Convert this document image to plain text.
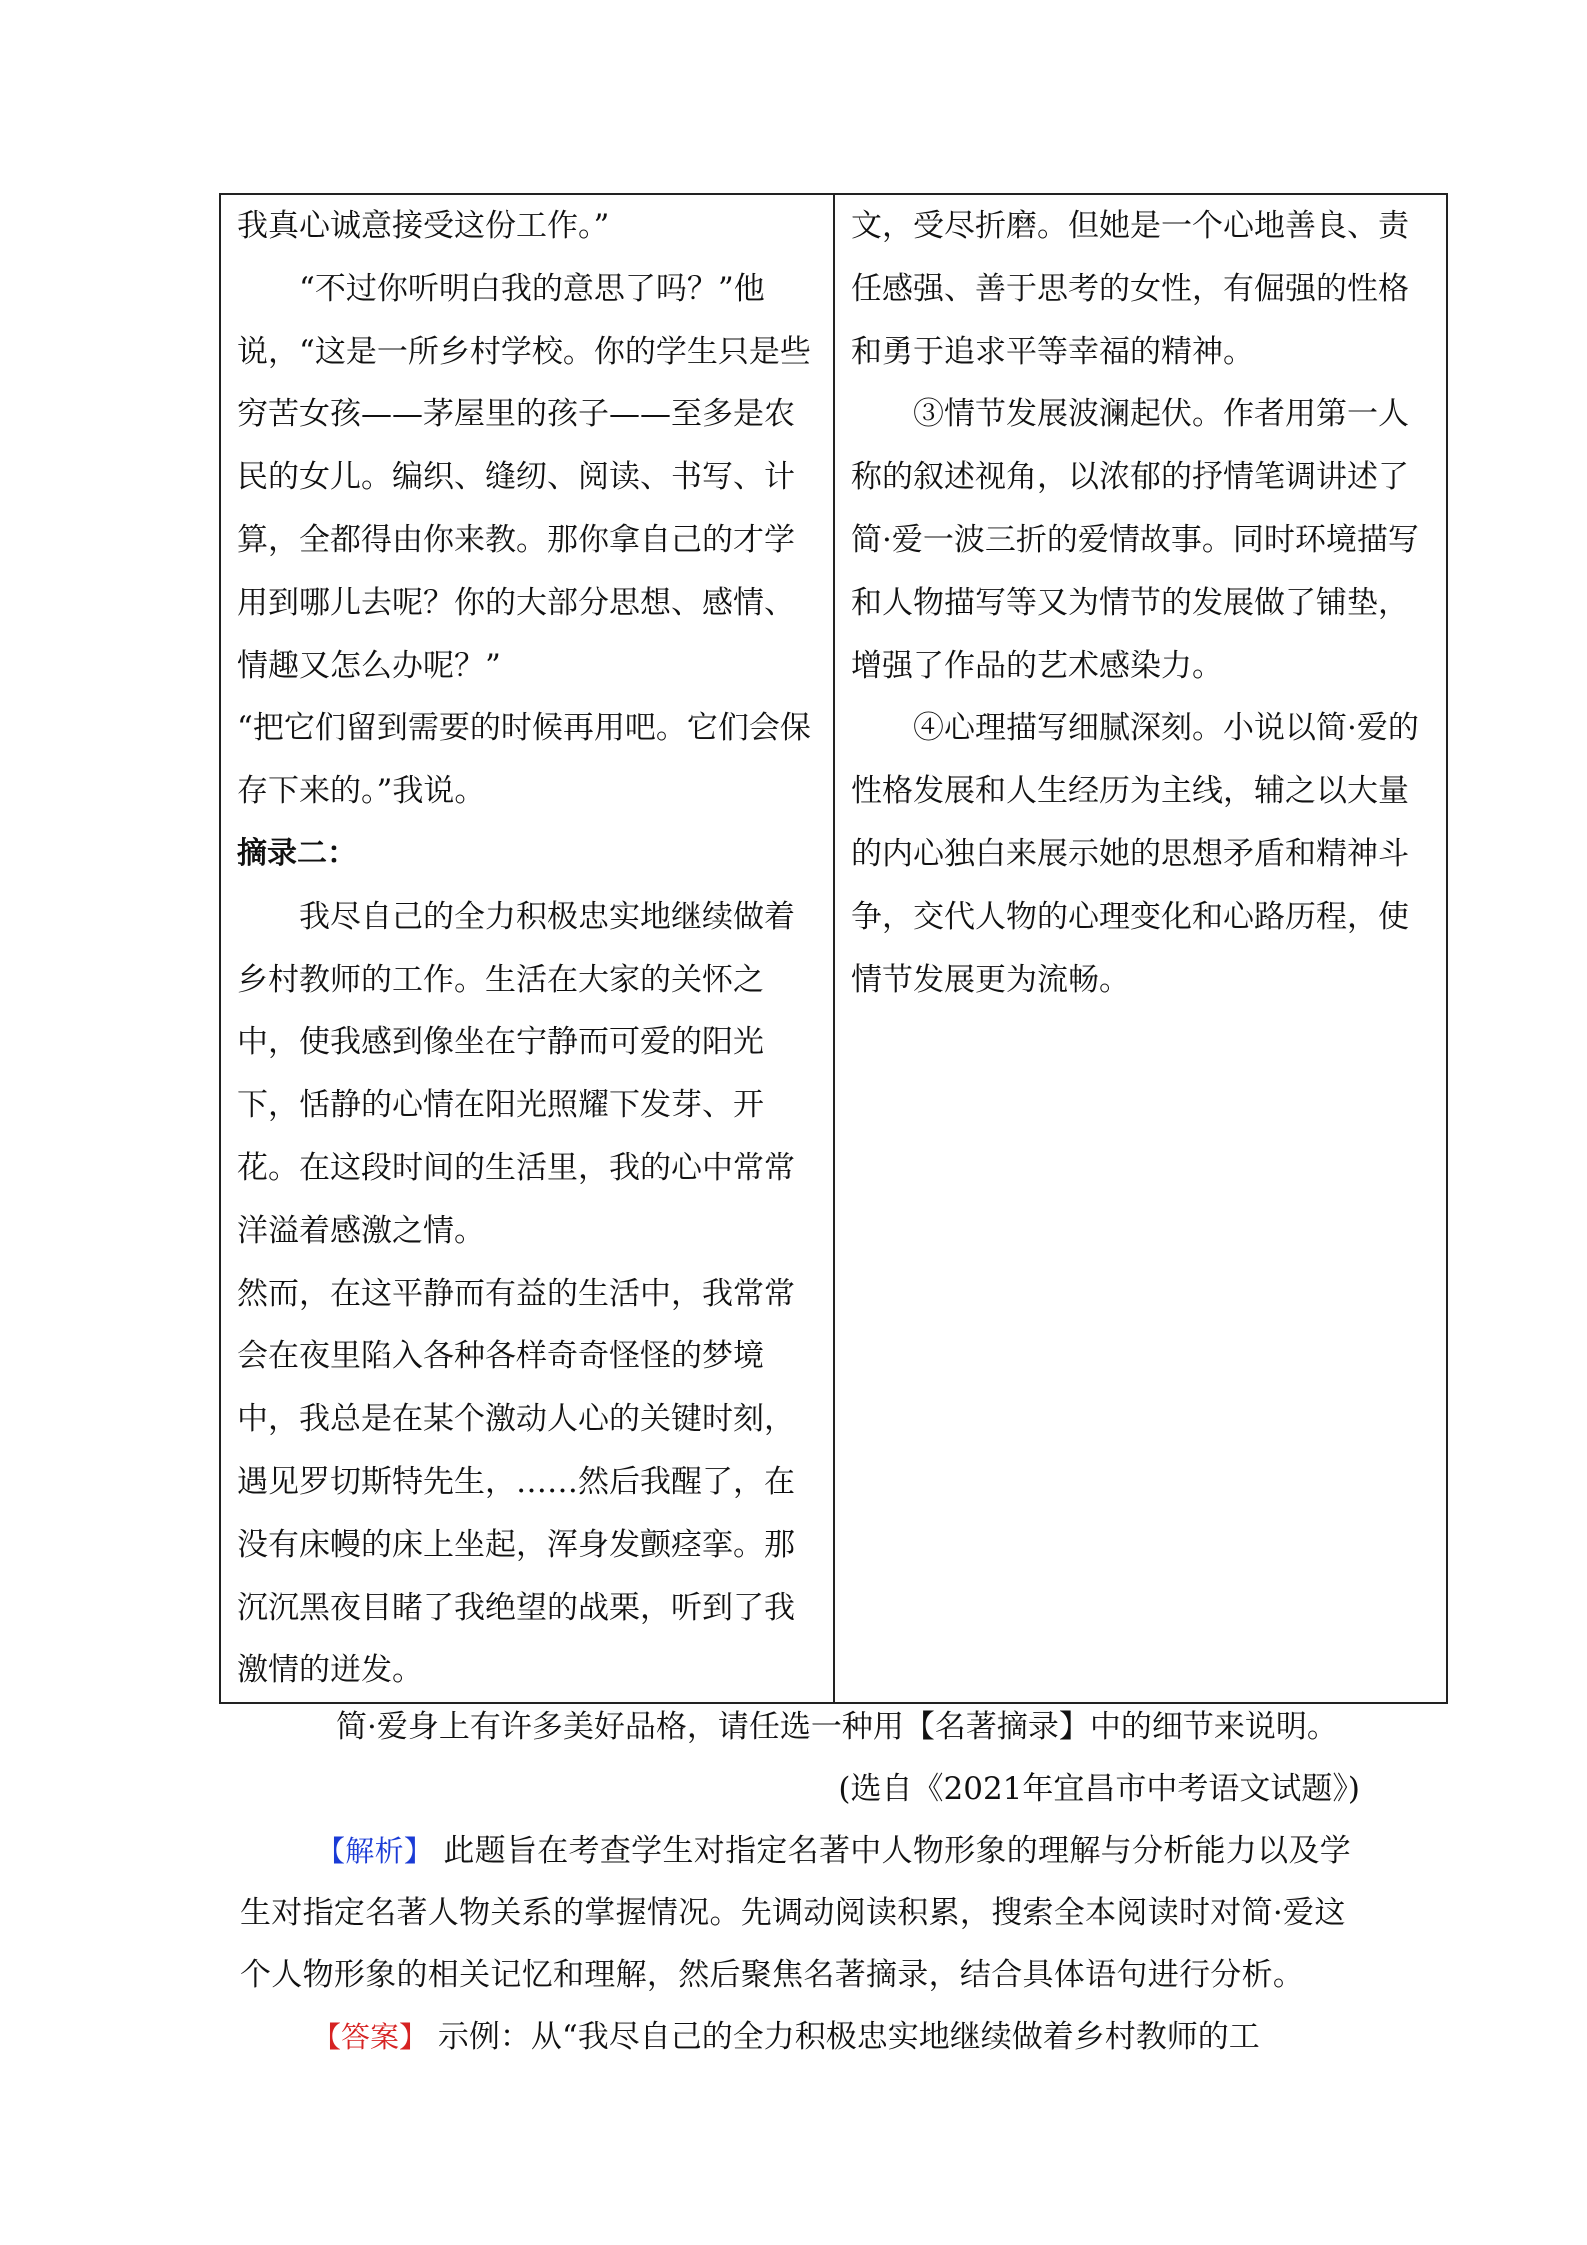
我真心诚意接受这份工作。”

“不过你听明白我的意思了吗？”他说，“这是一所乡村学校。你的学生只是些穷苦女孩——茅屋里的孩子——至多是农民的女儿。编织、缝纫、阅读、书写、计算，全都得由你来教。那你拿自己的才学用到哪儿去呢？你的大部分思想、感情、情趣又怎么办呢？”

“把它们留到需要的时候再用吧。它们会保存下来的。”我说。

摘录二：

我尽自己的全力积极忠实地继续做着乡村教师的工作。生活在大家的关怀之中，使我感到像坐在宁静而可爱的阳光下，恬静的心情在阳光照耀下发芽、开花。在这段时间的生活里，我的心中常常洋溢着感激之情。

然而，在这平静而有益的生活中，我常常会在夜里陷入各种各样奇奇怪怪的梦境中，我总是在某个激动人心的关键时刻，遇见罗切斯特先生，……然后我醒了，在没有床幔的床上坐起，浑身发颤痉挛。那沉沉黑夜目睹了我绝望的战栗，听到了我激情的迸发。

文，受尽折磨。但她是一个心地善良、责任感强、善于思考的女性，有倔强的性格和勇于追求平等幸福的精神。

③情节发展波澜起伏。作者用第一人称的叙述视角，以浓郁的抒情笔调讲述了简·爱一波三折的爱情故事。同时环境描写和人物描写等又为情节的发展做了铺垫，增强了作品的艺术感染力。

④心理描写细腻深刻。小说以简·爱的性格发展和人生经历为主线，辅之以大量的内心独白来展示她的思想矛盾和精神斗争，交代人物的心理变化和心路历程，使情节发展更为流畅。

简·爱身上有许多美好品格，请任选一种用【名著摘录】中的细节来说明。
(选自《2021年宜昌市中考语文试题》)
【解析】 此题旨在考查学生对指定名著中人物形象的理解与分析能力以及学生对指定名著人物关系的掌握情况。先调动阅读积累，搜索全本阅读时对简·爱这个人物形象的相关记忆和理解，然后聚焦名著摘录，结合具体语句进行分析。
【答案】 示例：从“我尽自己的全力积极忠实地继续做着乡村教师的工
